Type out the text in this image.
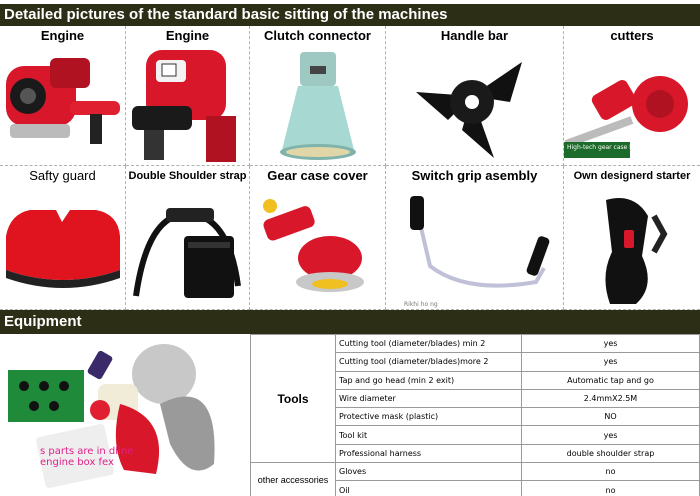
Detailed pictures of the standard basic sitting of the machines
Engine	Engine	Clutch connector	Handle bar	cutters
High-tech gear case long time use
Safty guard	Double Shoulder strap	Gear case cover	Switch grip asembly
Rikhi ho ng
Own designerd starter
Equipment
s parts are in dline engine box fex
Tools	Cutting tool (diameter/blades) min 2	yes
	Cutting tool (diameter/blades)more 2	yes
	Tap and go head (min 2 exit)	Automatic tap and go
	Wire diameter	2.4mmX2.5M
	Protective mask (plastic)	NO
	Tool kit	yes
	Professional harness	double shoulder strap
other accessories	Gloves	no
	Oil	no
